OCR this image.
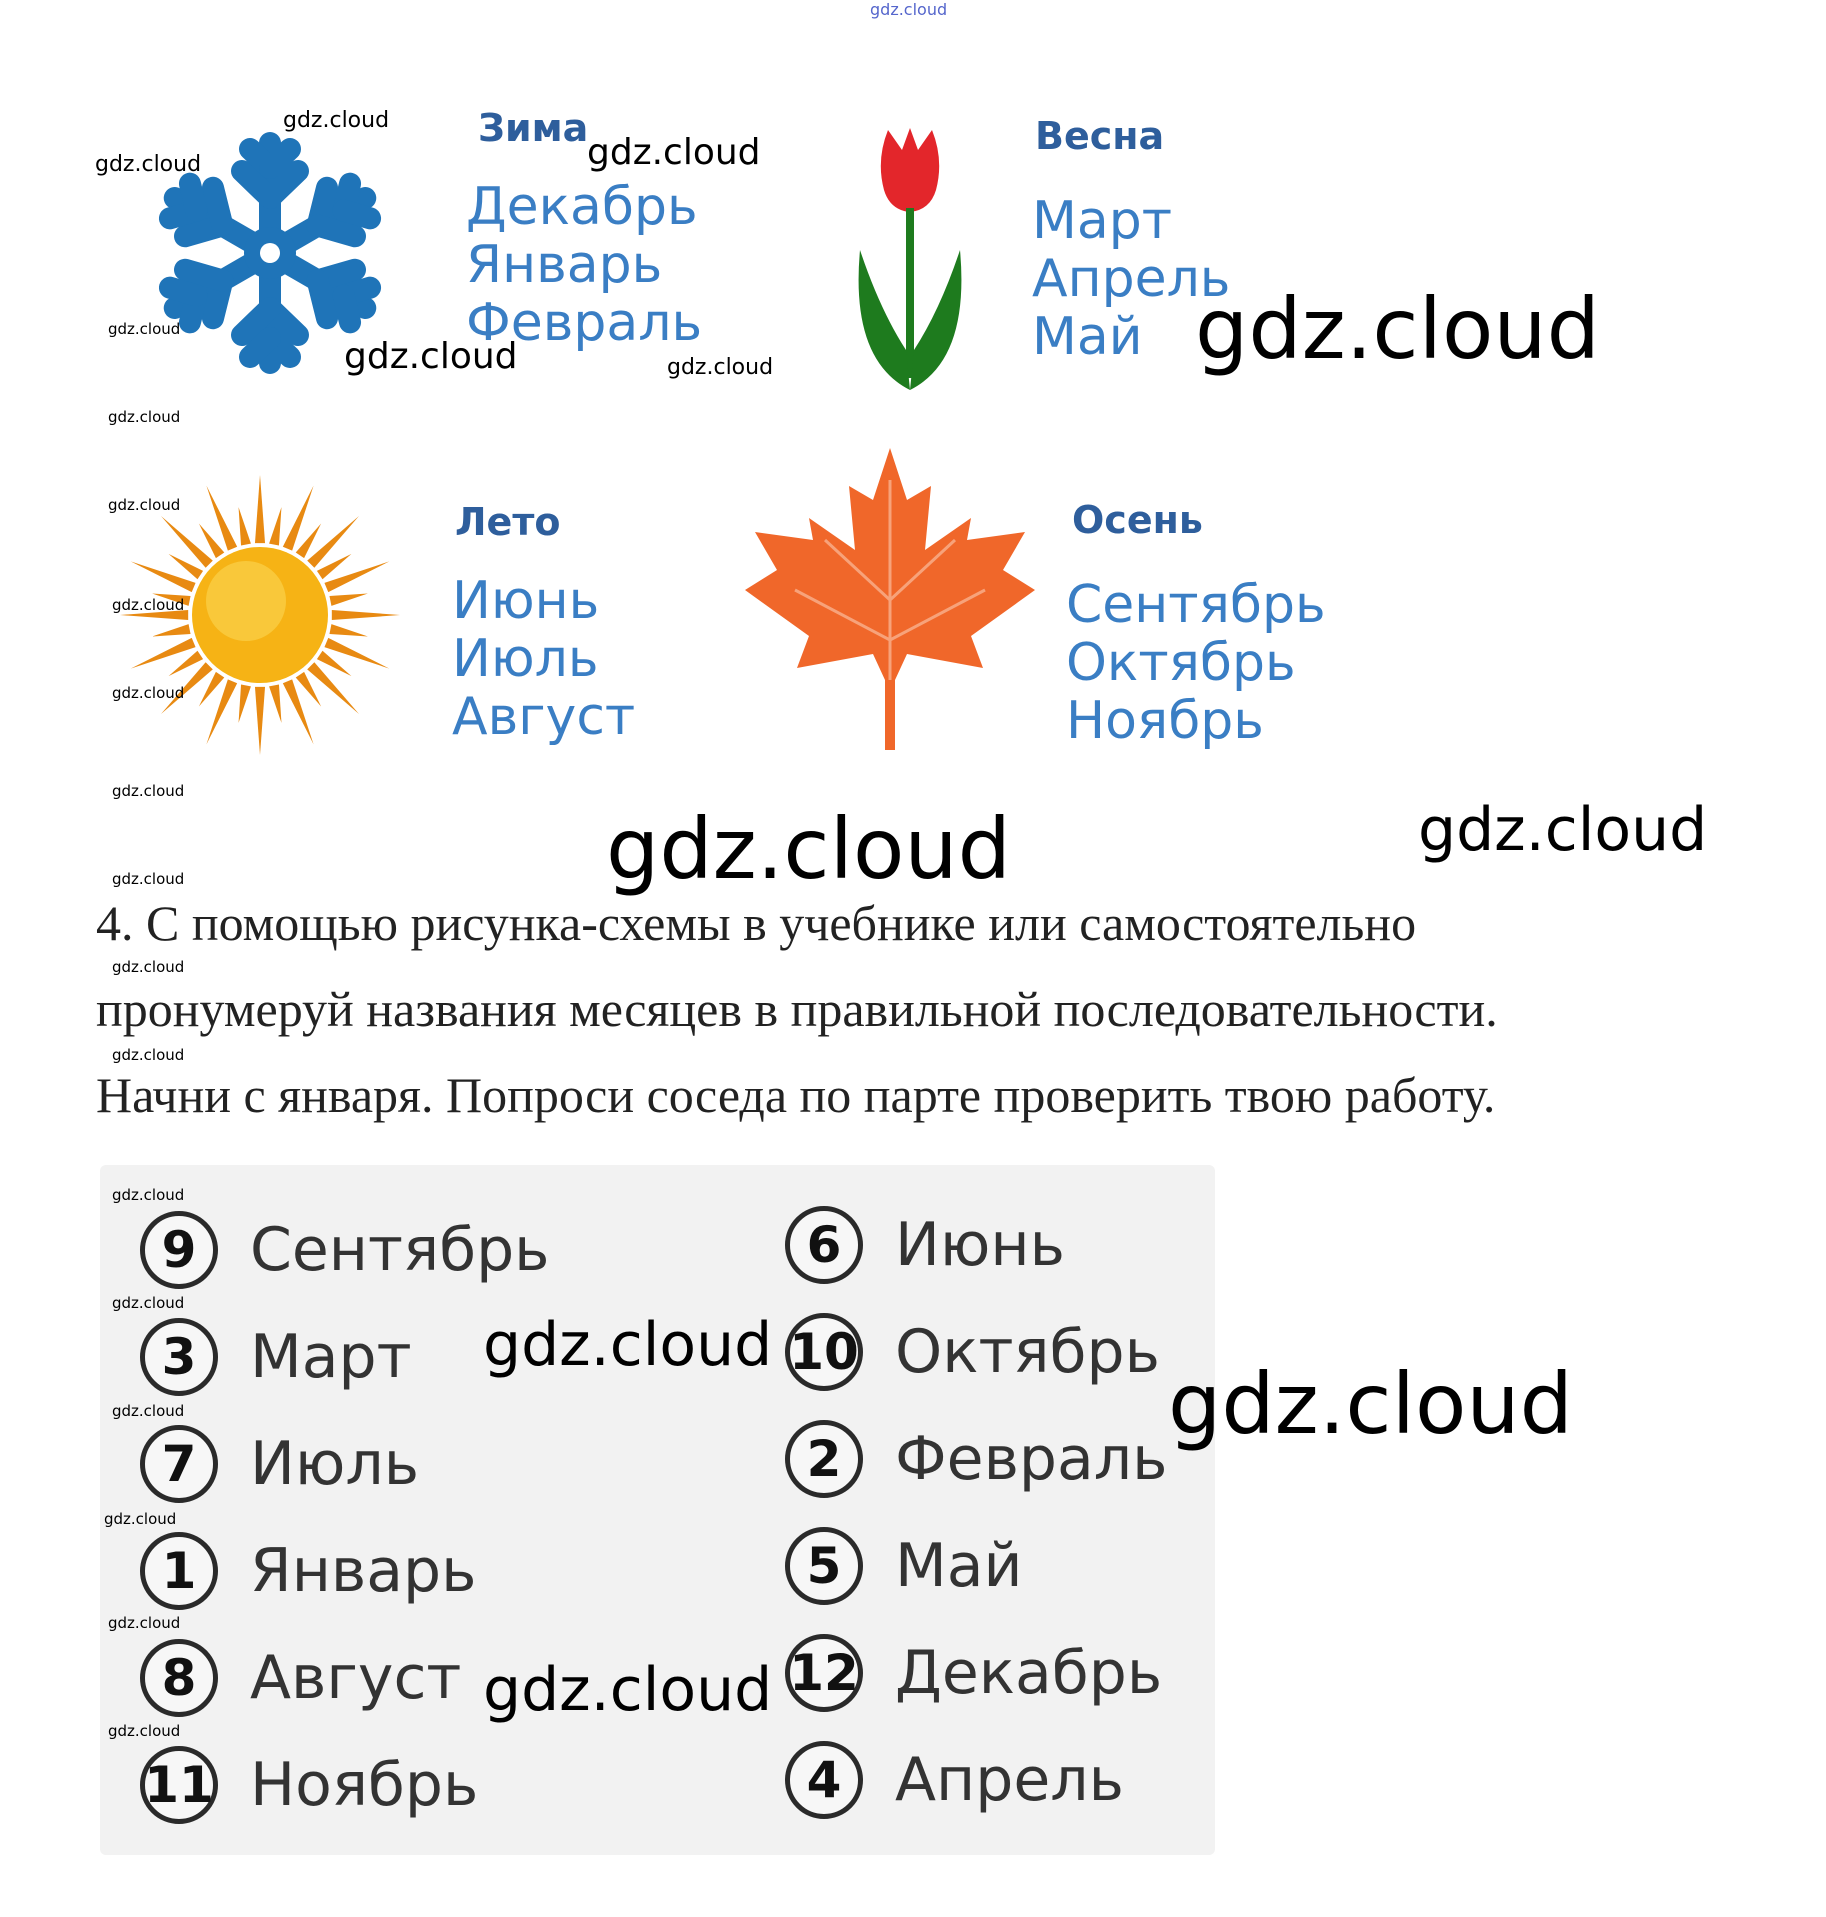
gdz.cloud
Зима
Декабрь
Январь
Февраль
Весна
Март
Апрель
Май
Лето
Июнь
Июль
Август
Осень
Сентябрь
Октябрь
Ноябрь
4. С помощью рисунка-схемы в учебнике или самостоятельно
пронумеруй названия месяцев в правильной последовательности.
Начни с января. Попроси соседа по парте проверить твою работу.
9 Сентябрь
3 Март
7 Июль
1 Январь
8 Август
11 Ноябрь
6 Июнь
10 Октябрь
2 Февраль
5 Май
12 Декабрь
4 Апрель
gdz.cloud
gdz.cloud	gdz.cloud
gdz.cloud
gdz.cloud	gdz.cloud	gdz.cloud
gdz.cloud
gdz.cloud
gdz.cloud
gdz.cloud
gdz.cloud
gdz.cloud	gdz.cloud
gdz.cloud
gdz.cloud
gdz.cloud
gdz.cloud
gdz.cloud
gdz.cloud
gdz.cloud	gdz.cloud
gdz.cloud
gdz.cloud
gdz.cloud
gdz.cloud
